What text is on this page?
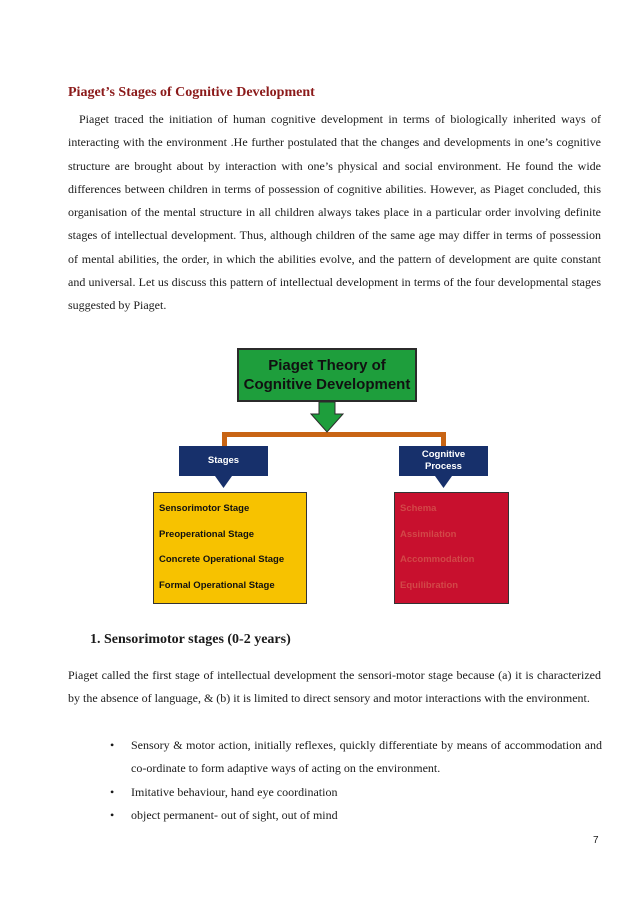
Piaget’s Stages of Cognitive Development

Piaget traced the initiation of human cognitive development in terms of biologically inherited ways of interacting with the environment .He further postulated that the changes and developments in one’s cognitive structure are brought about by interaction with one’s physical and social environment. He found the wide differences between children in terms of possession of cognitive abilities. However, as Piaget concluded, this organisation of the mental structure in all children always takes place in a particular order involving definite stages of intellectual development. Thus, although children of the same age may differ in terms of possession of mental abilities, the order, in which the abilities evolve, and the pattern of development are quite constant and universal. Let us discuss this pattern of intellectual development in terms of the four developmental stages suggested by Piaget.

Piaget Theory of
Cognitive Development
Stages
Cognitive
Process
Sensorimotor Stage
Preoperational Stage
Concrete Operational Stage
Formal Operational Stage
Schema
Assimilation
Accommodation
Equilibration
1. Sensorimotor stages (0-2 years)

Piaget called the first stage of intellectual development the sensori-motor stage because (a) it is characterized by the absence of language, & (b) it is limited to direct sensory and motor interactions with the environment.

• Sensory & motor action, initially reflexes, quickly differentiate by means of accommodation and co-ordinate to form adaptive ways of acting on the environment.
• Imitative behaviour, hand eye coordination
• object permanent- out of sight, out of mind
7
